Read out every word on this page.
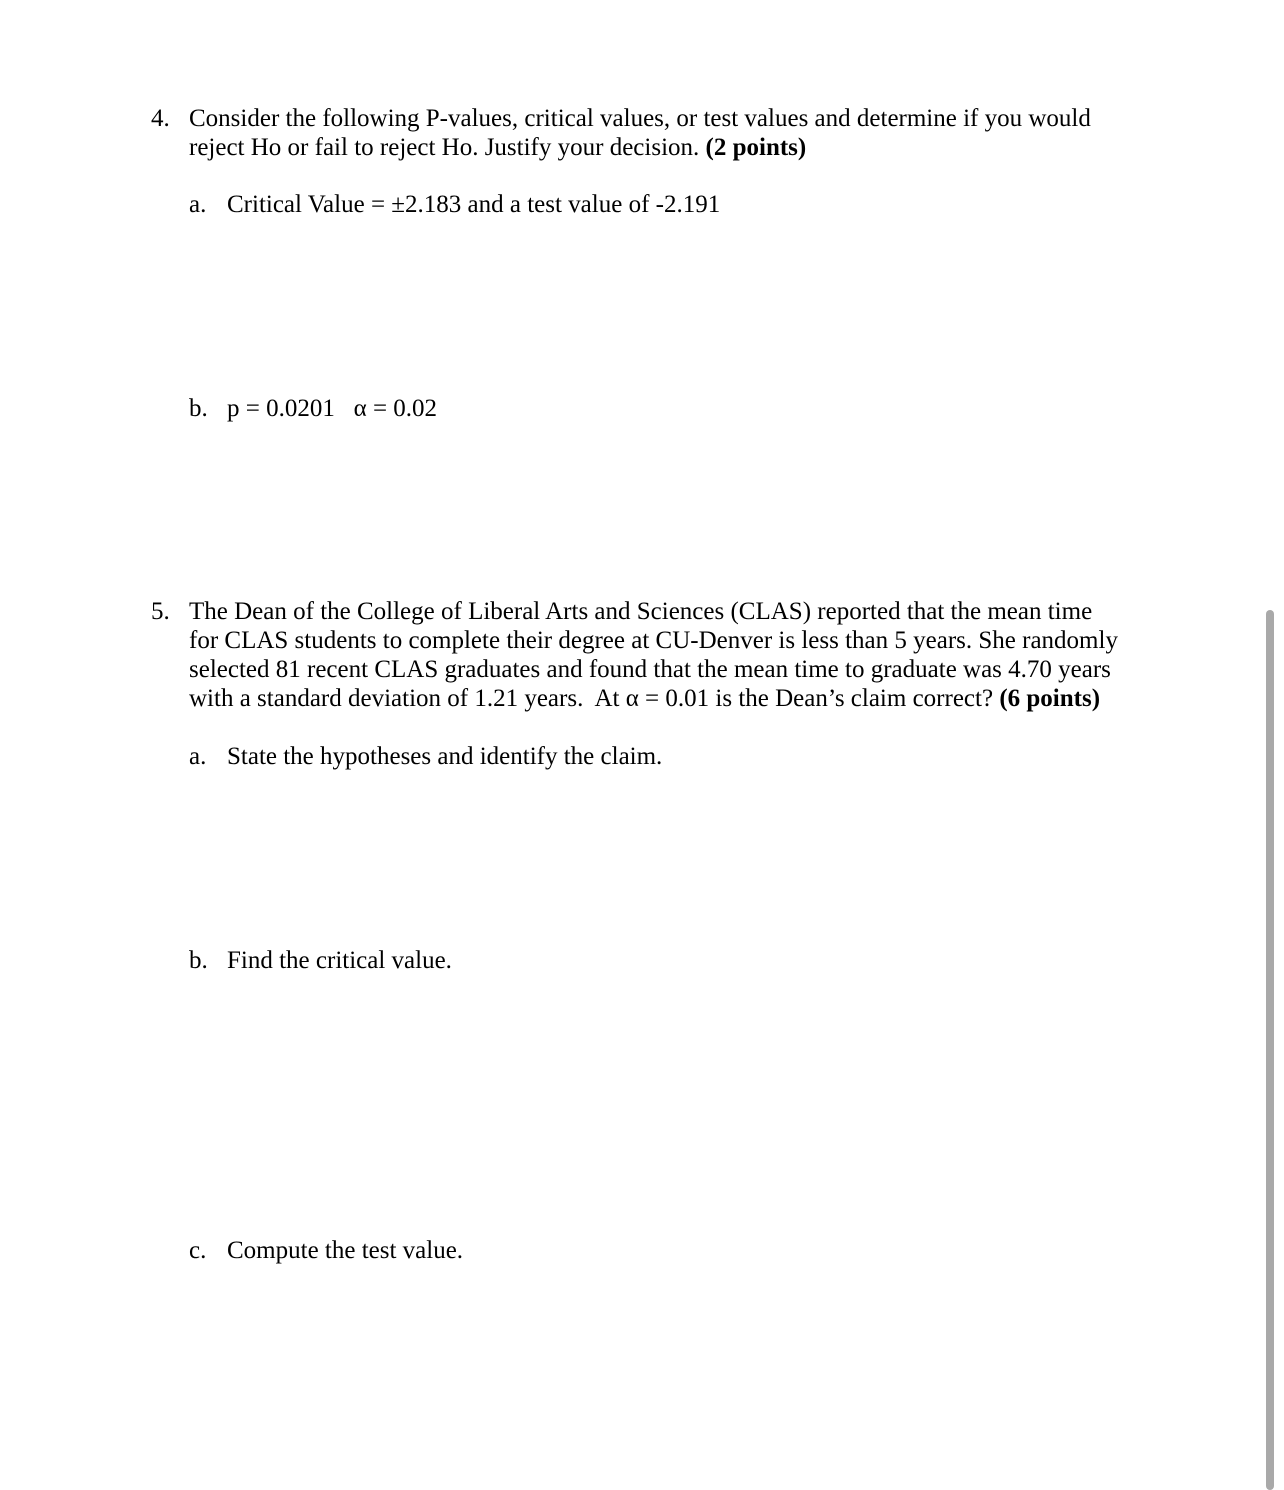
4. Consider the following P-values, critical values, or test values and determine if you would
reject Ho or fail to reject Ho. Justify your decision. (2 points)
a. Critical Value = ±2.183 and a test value of -2.191
b. p = 0.0201   α = 0.02
5. The Dean of the College of Liberal Arts and Sciences (CLAS) reported that the mean time
for CLAS students to complete their degree at CU-Denver is less than 5 years. She randomly
selected 81 recent CLAS graduates and found that the mean time to graduate was 4.70 years
with a standard deviation of 1.21 years.  At α = 0.01 is the Dean’s claim correct? (6 points)
a. State the hypotheses and identify the claim.
b. Find the critical value.
c. Compute the test value.
